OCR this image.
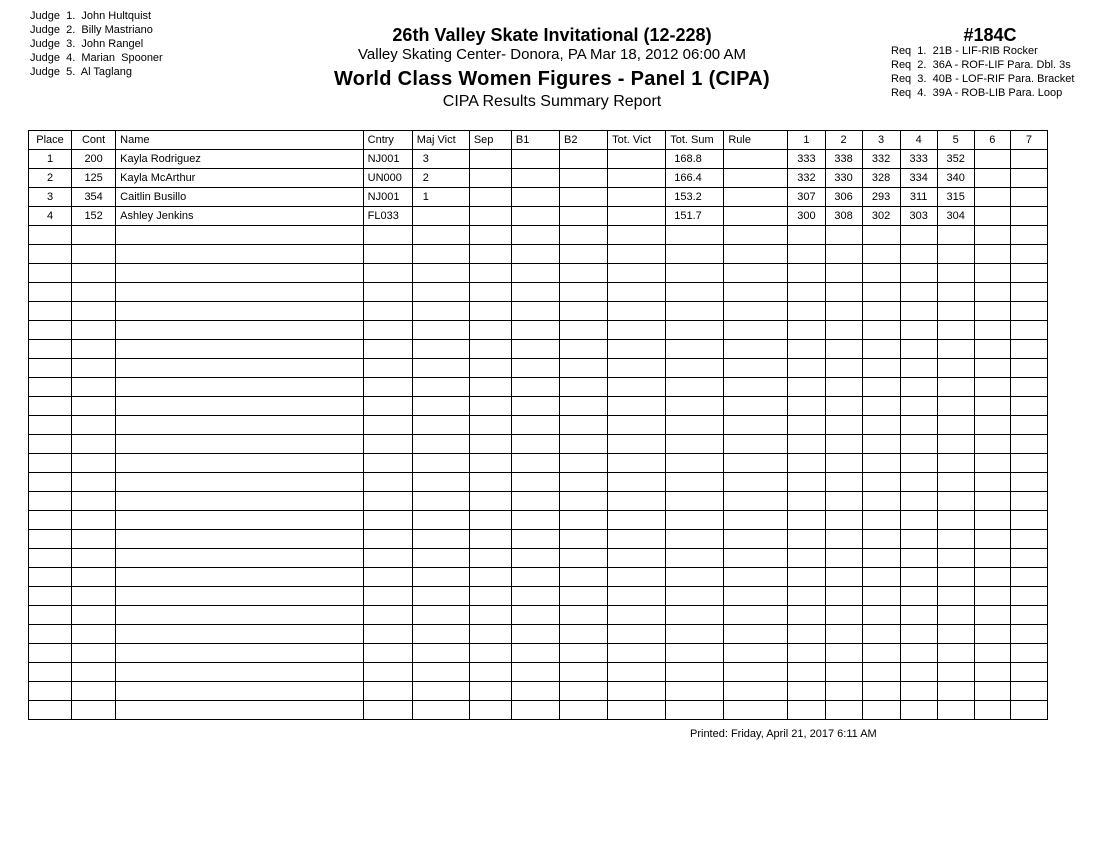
Judge  1. John Hultquist
Judge  2. Billy Mastriano
Judge  3. John Rangel
Judge  4. Marian  Spooner
Judge  5. Al Taglang
26th Valley Skate Invitational (12-228)
Valley Skating Center- Donora, PA Mar 18, 2012 06:00 AM
World Class Women Figures - Panel 1 (CIPA)
CIPA Results Summary Report
#184C
Req  1. 21B - LIF-RIB Rocker
Req  2. 36A - ROF-LIF Para. Dbl. 3s
Req  3. 40B - LOF-RIF Para. Bracket
Req  4. 39A - ROB-LIB Para. Loop
Place	Cont	Name	Cntry	Maj Vict	Sep	B1	B2	Tot. Vict	Tot. Sum	Rule	1	2	3	4	5	6	7
1	200	Kayla Rodriguez	NJ001	3					168.8		333	338	332	333	352		
2	125	Kayla McArthur	UN000	2					166.4		332	330	328	334	340		
3	354	Caitlin Busillo	NJ001	1					153.2		307	306	293	311	315		
4	152	Ashley Jenkins	FL033						151.7		300	308	302	303	304		

Printed: Friday, April 21, 2017 6:11 AM
